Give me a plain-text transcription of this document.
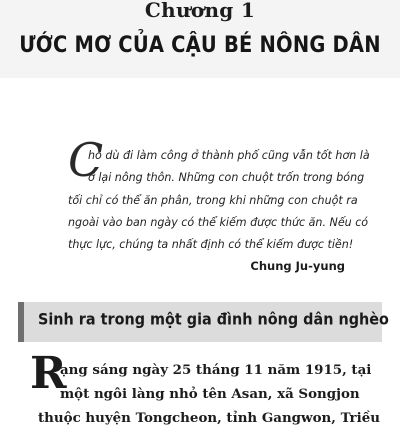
Chương 1
ƯỚC MƠ CỦA CẬU BÉ NÔNG DÂN
C
ho dù đi làm công ở thành phố cũng vẫn tốt hơn là
ở lại nông thôn. Những con chuột trốn trong bóng
tối chỉ có thể ăn phân, trong khi những con chuột ra
ngoài vào ban ngày có thể kiếm được thức ăn. Nếu có
thực lực, chúng ta nhất định có thể kiếm được tiền!
Chung Ju-yung
Sinh ra trong một gia đình nông dân nghèo
R
ạng sáng ngày 25 tháng 11 năm 1915, tại
một ngôi làng nhỏ tên Asan, xã Songjon
thuộc huyện Tongcheon, tỉnh Gangwon, Triều
